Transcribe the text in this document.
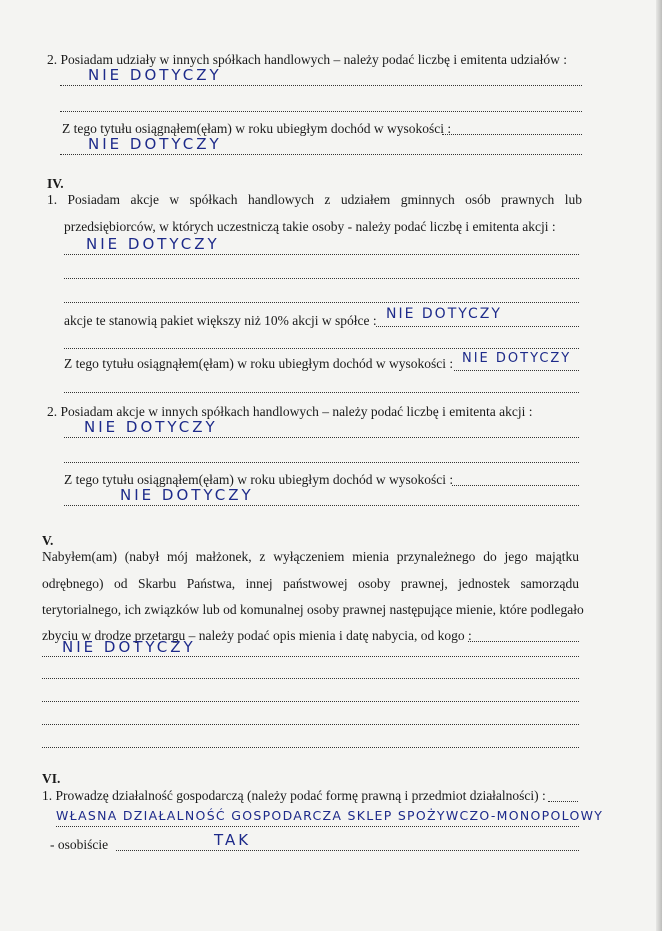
2. Posiadam udziały w innych spółkach handlowych – należy podać liczbę i emitenta udziałów :
NIE DOTYCZY
Z tego tytułu osiągnąłem(ęłam) w roku ubiegłym dochód w wysokości :
NIE DOTYCZY
IV.
1. Posiadam akcje w spółkach handlowych z udziałem gminnych osób prawnych lub
przedsiębiorców, w których uczestniczą takie osoby - należy podać liczbę i emitenta akcji :
NIE DOTYCZY
akcje te stanowią pakiet większy niż 10% akcji w spółce : NIE DOTYCZY
Z tego tytułu osiągnąłem(ęłam) w roku ubiegłym dochód w wysokości : NIE DOTYCZY
2. Posiadam akcje w innych spółkach handlowych – należy podać liczbę i emitenta akcji :
NIE DOTYCZY
Z tego tytułu osiągnąłem(ęłam) w roku ubiegłym dochód w wysokości :
NIE DOTYCZY
V.
Nabyłem(am) (nabył mój małżonek, z wyłączeniem mienia przynależnego do jego majątku
odrębnego) od Skarbu Państwa, innej państwowej osoby prawnej, jednostek samorządu
terytorialnego, ich związków lub od komunalnej osoby prawnej następujące mienie, które podlegało
zbyciu w drodze przetargu – należy podać opis mienia i datę nabycia, od kogo :
NIE DOTYCZY
VI.
1. Prowadzę działalność gospodarczą (należy podać formę prawną i przedmiot działalności) :
WŁASNA DZIAŁALNOŚĆ GOSPODARCZA SKLEP SPOŻYWCZO-MONOPOLOWY
- osobiście	TAK
